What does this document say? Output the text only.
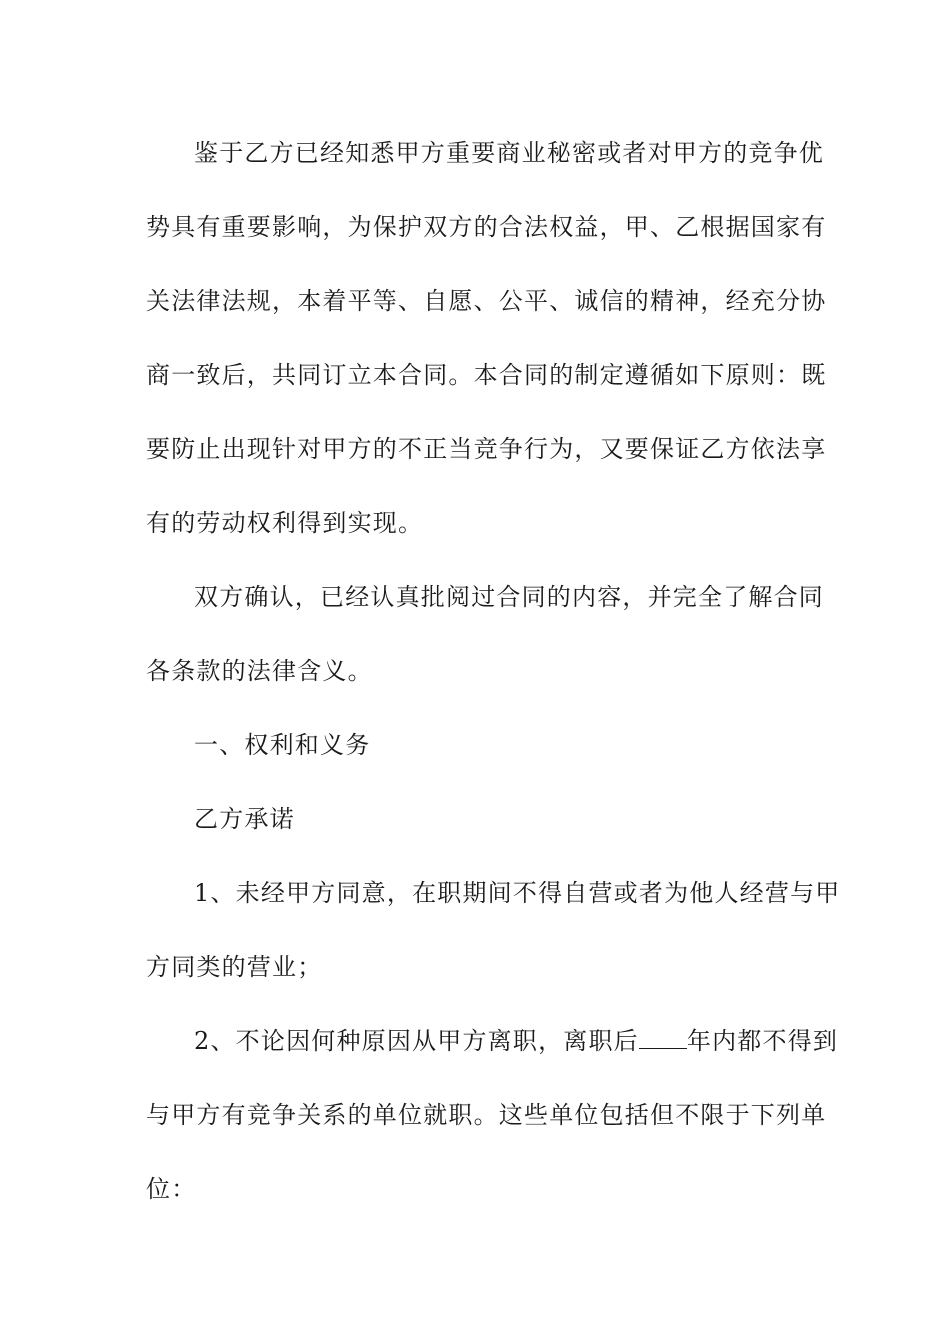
鉴于乙方已经知悉甲方重要商业秘密或者对甲方的竞争优
势具有重要影响，为保护双方的合法权益，甲、乙根据国家有
关法律法规，本着平等、自愿、公平、诚信的精神，经充分协
商一致后，共同订立本合同。本合同的制定遵循如下原则：既
要防止出现针对甲方的不正当竞争行为，又要保证乙方依法享
有的劳动权利得到实现。
双方确认，已经认真批阅过合同的内容，并完全了解合同
各条款的法律含义。
一、权利和义务
乙方承诺
1、未经甲方同意，在职期间不得自营或者为他人经营与甲
方同类的营业；
2、不论因何种原因从甲方离职，离职后 年内都不得到
与甲方有竞争关系的单位就职。这些单位包括但不限于下列单
位：
